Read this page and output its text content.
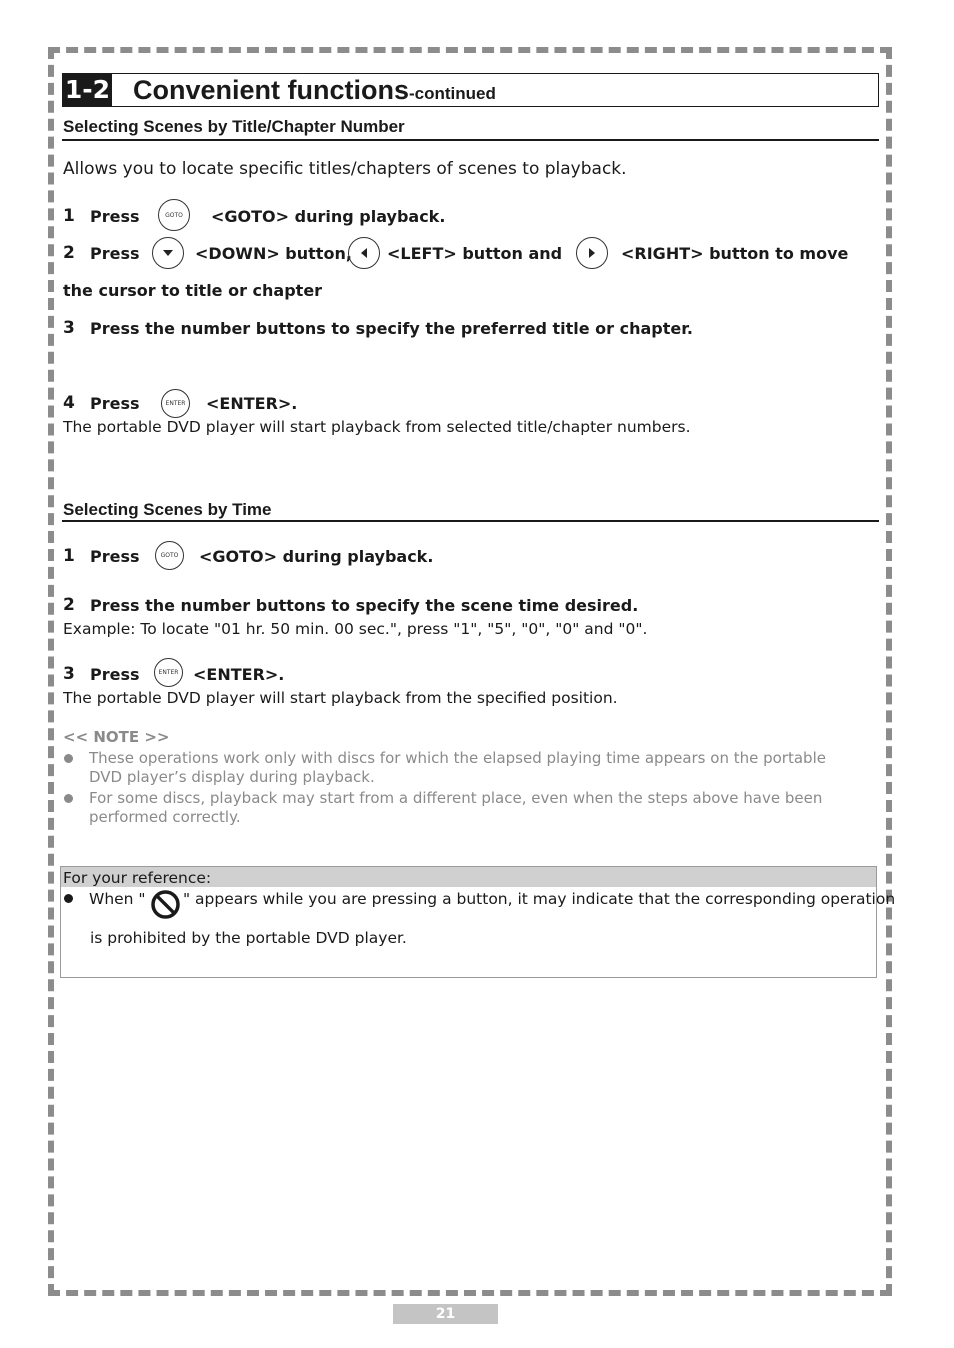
1-2 Convenient functions-continued
Selecting Scenes by Title/Chapter Number
Allows you to locate specific titles/chapters of scenes to playback.
1 Press	GOTO	<GOTO> during playback.
2 Press	<DOWN> button, <LEFT> button and	<RIGHT> button to move
the cursor to title or chapter
3 Press the number buttons to specify the preferred title or chapter.
4 Press	ENTER <ENTER>.
The portable DVD player will start playback from selected title/chapter numbers.
Selecting Scenes by Time
1 Press	GOTO	<GOTO> during playback.
2 Press the number buttons to specify the scene time desired.
Example: To locate "01 hr. 50 min. 00 sec.", press "1", "5", "0", "0" and "0".
3 Press	ENTER <ENTER>.
The portable DVD player will start playback from the specified position.
<< NOTE >>
These operations work only with discs for which the elapsed playing time appears on the portable
DVD player’s display during playback.
For some discs, playback may start from a different place, even when the steps above have been
performed correctly.
For your reference:
When " " appears while you are pressing a button, it may indicate that the corresponding operation
is prohibited by the portable DVD player.
21
